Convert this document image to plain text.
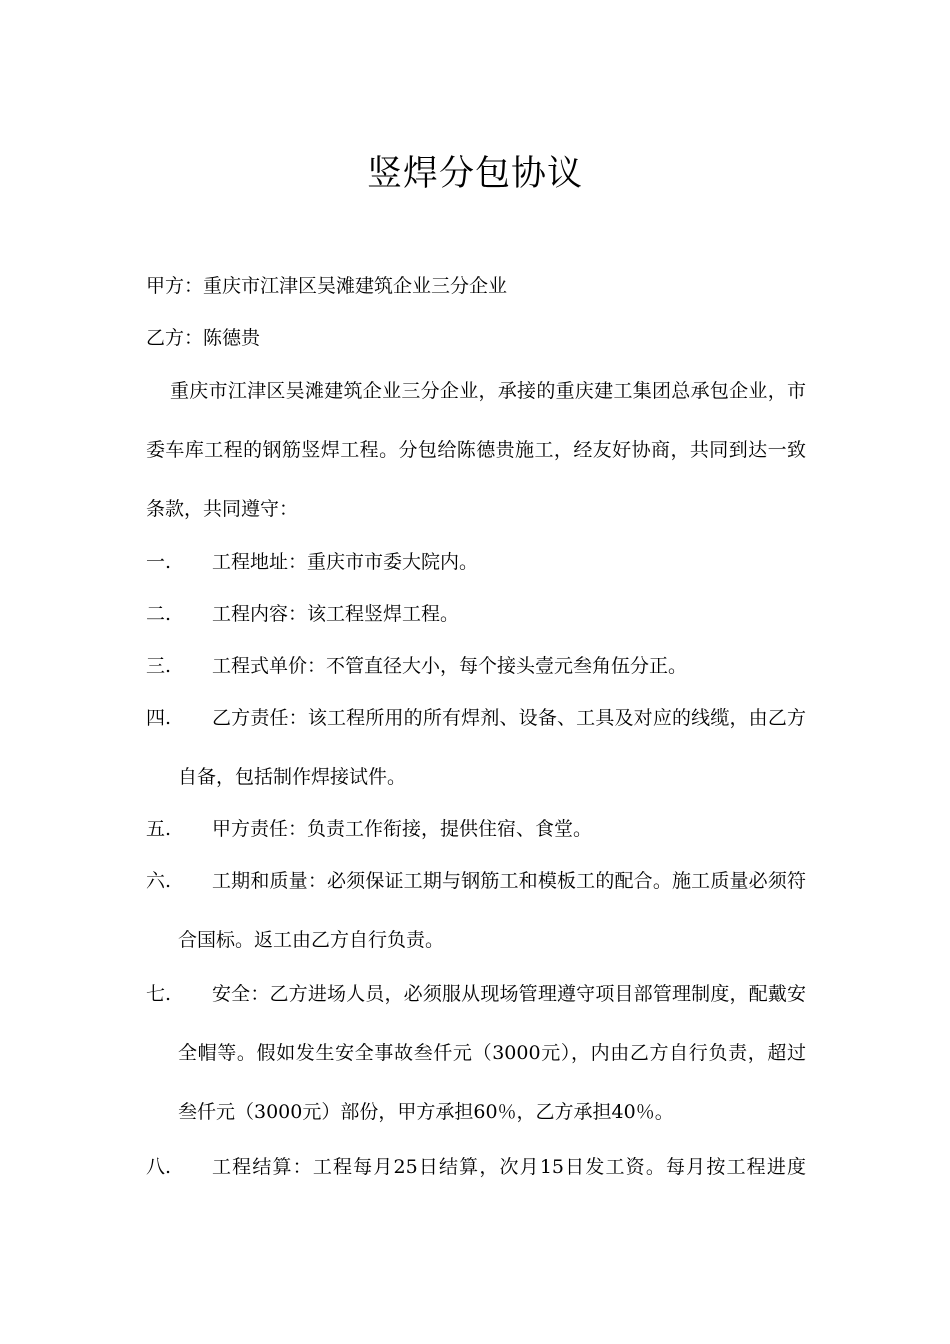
竖焊分包协议
甲方：重庆市江津区吴滩建筑企业三分企业
乙方：陈德贵
重庆市江津区吴滩建筑企业三分企业，承接的重庆建工集团总承包企业，市
委车库工程的钢筋竖焊工程。分包给陈德贵施工，经友好协商，共同到达一致
条款，共同遵守：
一.	工程地址：重庆市市委大院内。
二.	工程内容：该工程竖焊工程。
三.	工程式单价：不管直径大小，每个接头壹元叁角伍分正。
四.	乙方责任：该工程所用的所有焊剂、设备、工具及对应的线缆，由乙方
自备，包括制作焊接试件。
五.	甲方责任：负责工作衔接，提供住宿、食堂。
六.	工期和质量：必须保证工期与钢筋工和模板工的配合。施工质量必须符
合国标。返工由乙方自行负责。
七.	安全：乙方进场人员，必须服从现场管理遵守项目部管理制度，配戴安
全帽等。假如发生安全事故叁仟元（3000元），内由乙方自行负责，超过
叁仟元（3000元）部份，甲方承担60％，乙方承担40％。
八.	工程结算：工程每月25日结算，次月15日发工资。每月按工程进度
